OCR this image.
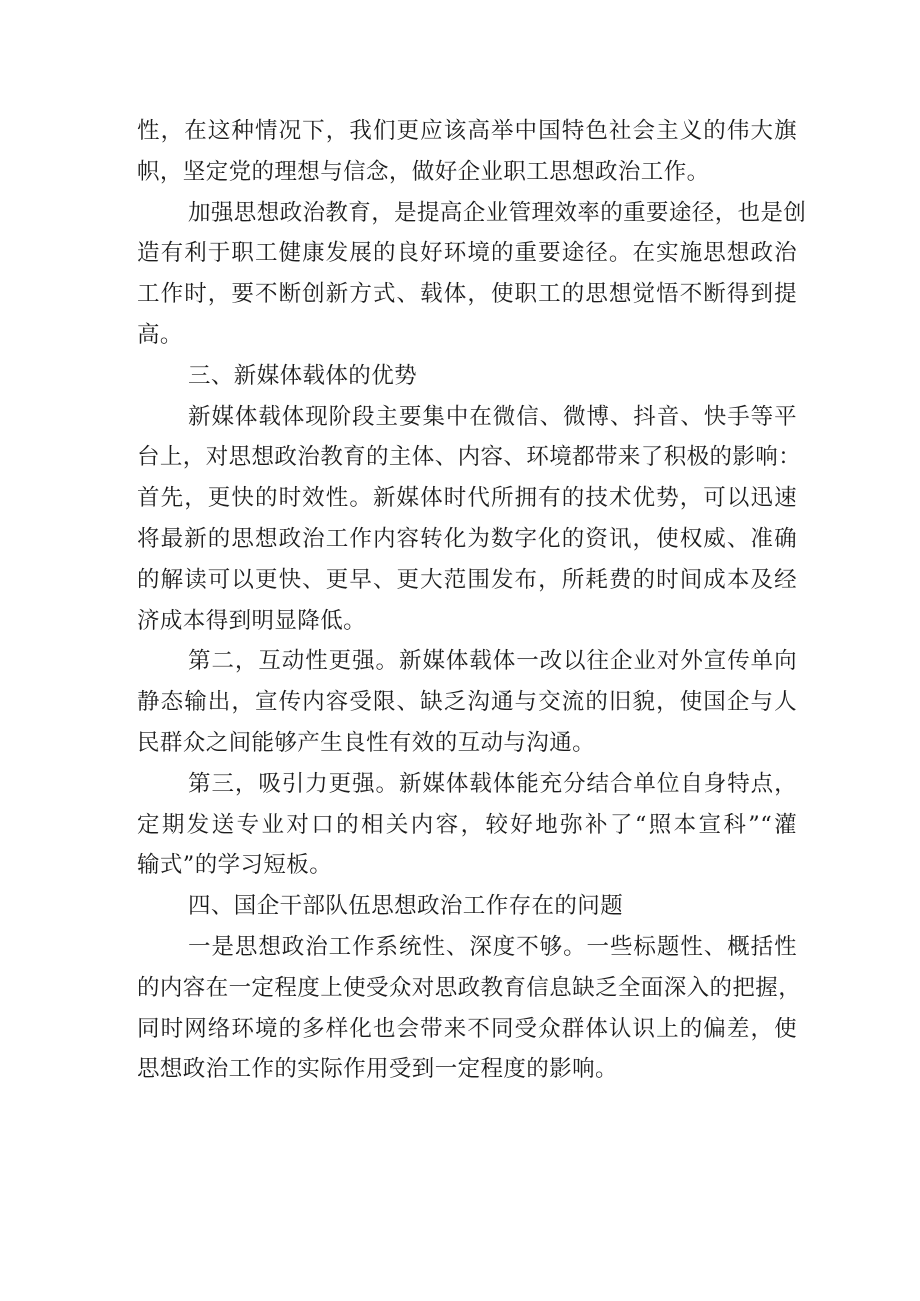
性，在这种情况下，我们更应该高举中国特色社会主义的伟大旗
帜，坚定党的理想与信念，做好企业职工思想政治工作。
加强思想政治教育，是提高企业管理效率的重要途径，也是创
造有利于职工健康发展的良好环境的重要途径。在实施思想政治
工作时，要不断创新方式、载体，使职工的思想觉悟不断得到提
高。
三、新媒体载体的优势
新媒体载体现阶段主要集中在微信、微博、抖音、快手等平
台上，对思想政治教育的主体、内容、环境都带来了积极的影响：
首先，更快的时效性。新媒体时代所拥有的技术优势，可以迅速
将最新的思想政治工作内容转化为数字化的资讯，使权威、准确
的解读可以更快、更早、更大范围发布，所耗费的时间成本及经
济成本得到明显降低。
第二，互动性更强。新媒体载体一改以往企业对外宣传单向
静态输出，宣传内容受限、缺乏沟通与交流的旧貌，使国企与人
民群众之间能够产生良性有效的互动与沟通。
第三，吸引力更强。新媒体载体能充分结合单位自身特点，
定期发送专业对口的相关内容，较好地弥补了“照本宣科”“灌
输式”的学习短板。
四、国企干部队伍思想政治工作存在的问题
一是思想政治工作系统性、深度不够。一些标题性、概括性
的内容在一定程度上使受众对思政教育信息缺乏全面深入的把握，
同时网络环境的多样化也会带来不同受众群体认识上的偏差，使
思想政治工作的实际作用受到一定程度的影响。
